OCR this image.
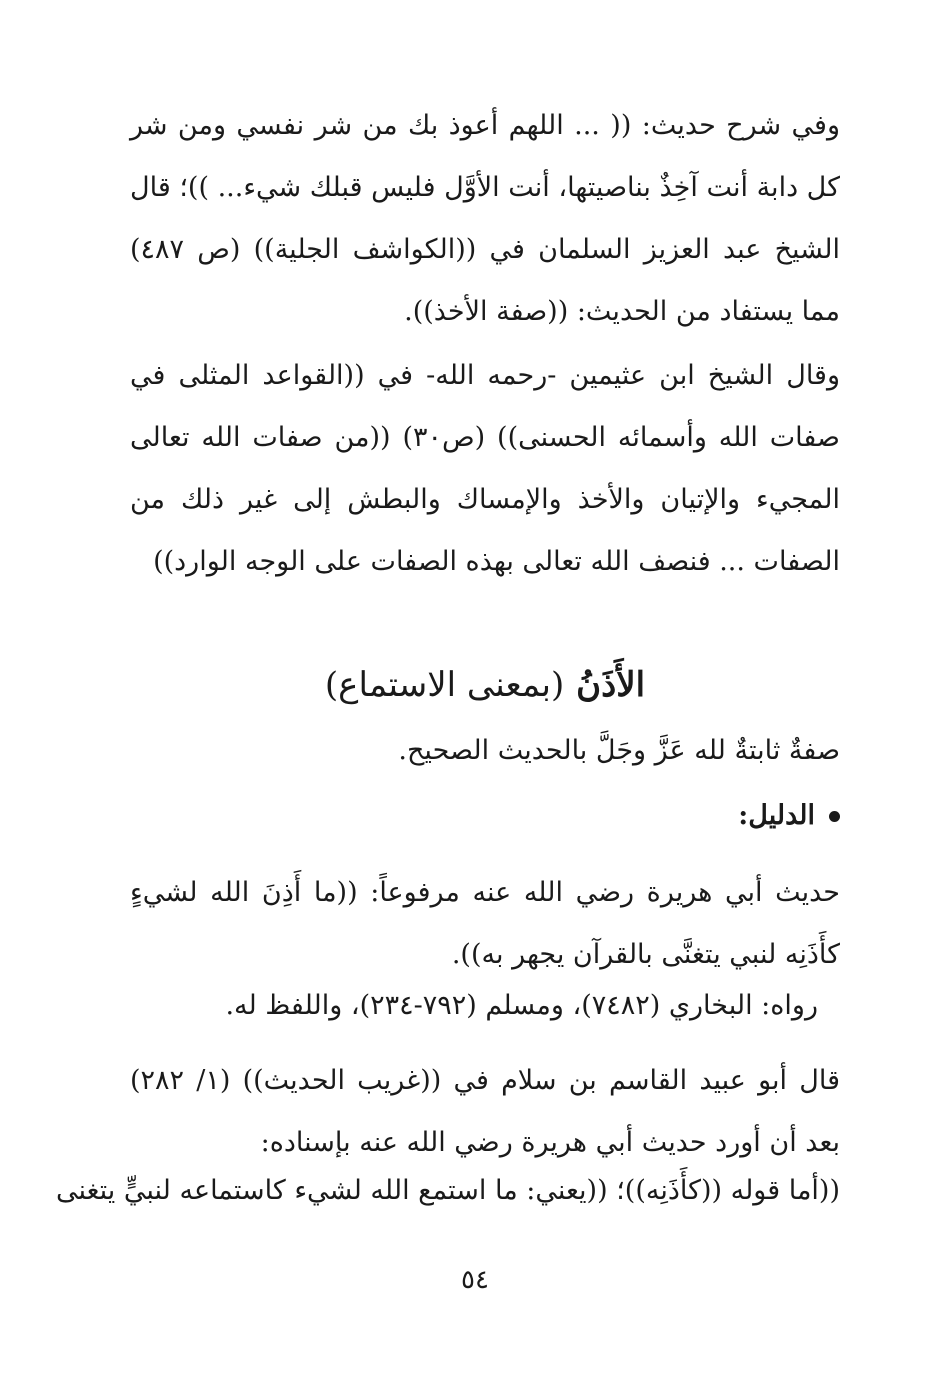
وفي شرح حديث: (( ... اللهم أعوذ بك من شر نفسي ومن شر كل دابة أنت آخِذٌ بناصيتها، أنت الأوَّل فليس قبلك شيء... ))؛ قال الشيخ عبد العزيز السلمان في ((الكواشف الجلية)) (ص ٤٨٧) مما يستفاد من الحديث: ((صفة الأخذ)).

وقال الشيخ ابن عثيمين -رحمه الله- في ((القواعد المثلى في صفات الله وأسمائه الحسنى)) (ص٣٠) ((من صفات الله تعالى المجيء والإتيان والأخذ والإمساك والبطش إلى غير ذلك من الصفات ... فنصف الله تعالى بهذه الصفات على الوجه الوارد))

الأَذَنُ (بمعنى الاستماع)
صفةٌ ثابتةٌ لله عَزَّ وجَلَّ بالحديث الصحيح.
الدليل:

حديث أبي هريرة رضي الله عنه مرفوعاً: ((ما أَذِنَ الله لشيءٍ كأَذَنِه لنبي يتغنَّى بالقرآن يجهر به)).

رواه: البخاري (٧٤٨٢)، ومسلم (٧٩٢-٢٣٤)، واللفظ له.

قال أبو عبيد القاسم بن سلام في ((غريب الحديث)) (١/ ٢٨٢) بعد أن أورد حديث أبي هريرة رضي الله عنه بإسناده:

((أما قوله ((كأَذَنِه))؛ ((يعني: ما استمع الله لشيء كاستماعه لنبيٍّ يتغنى
٥٤
